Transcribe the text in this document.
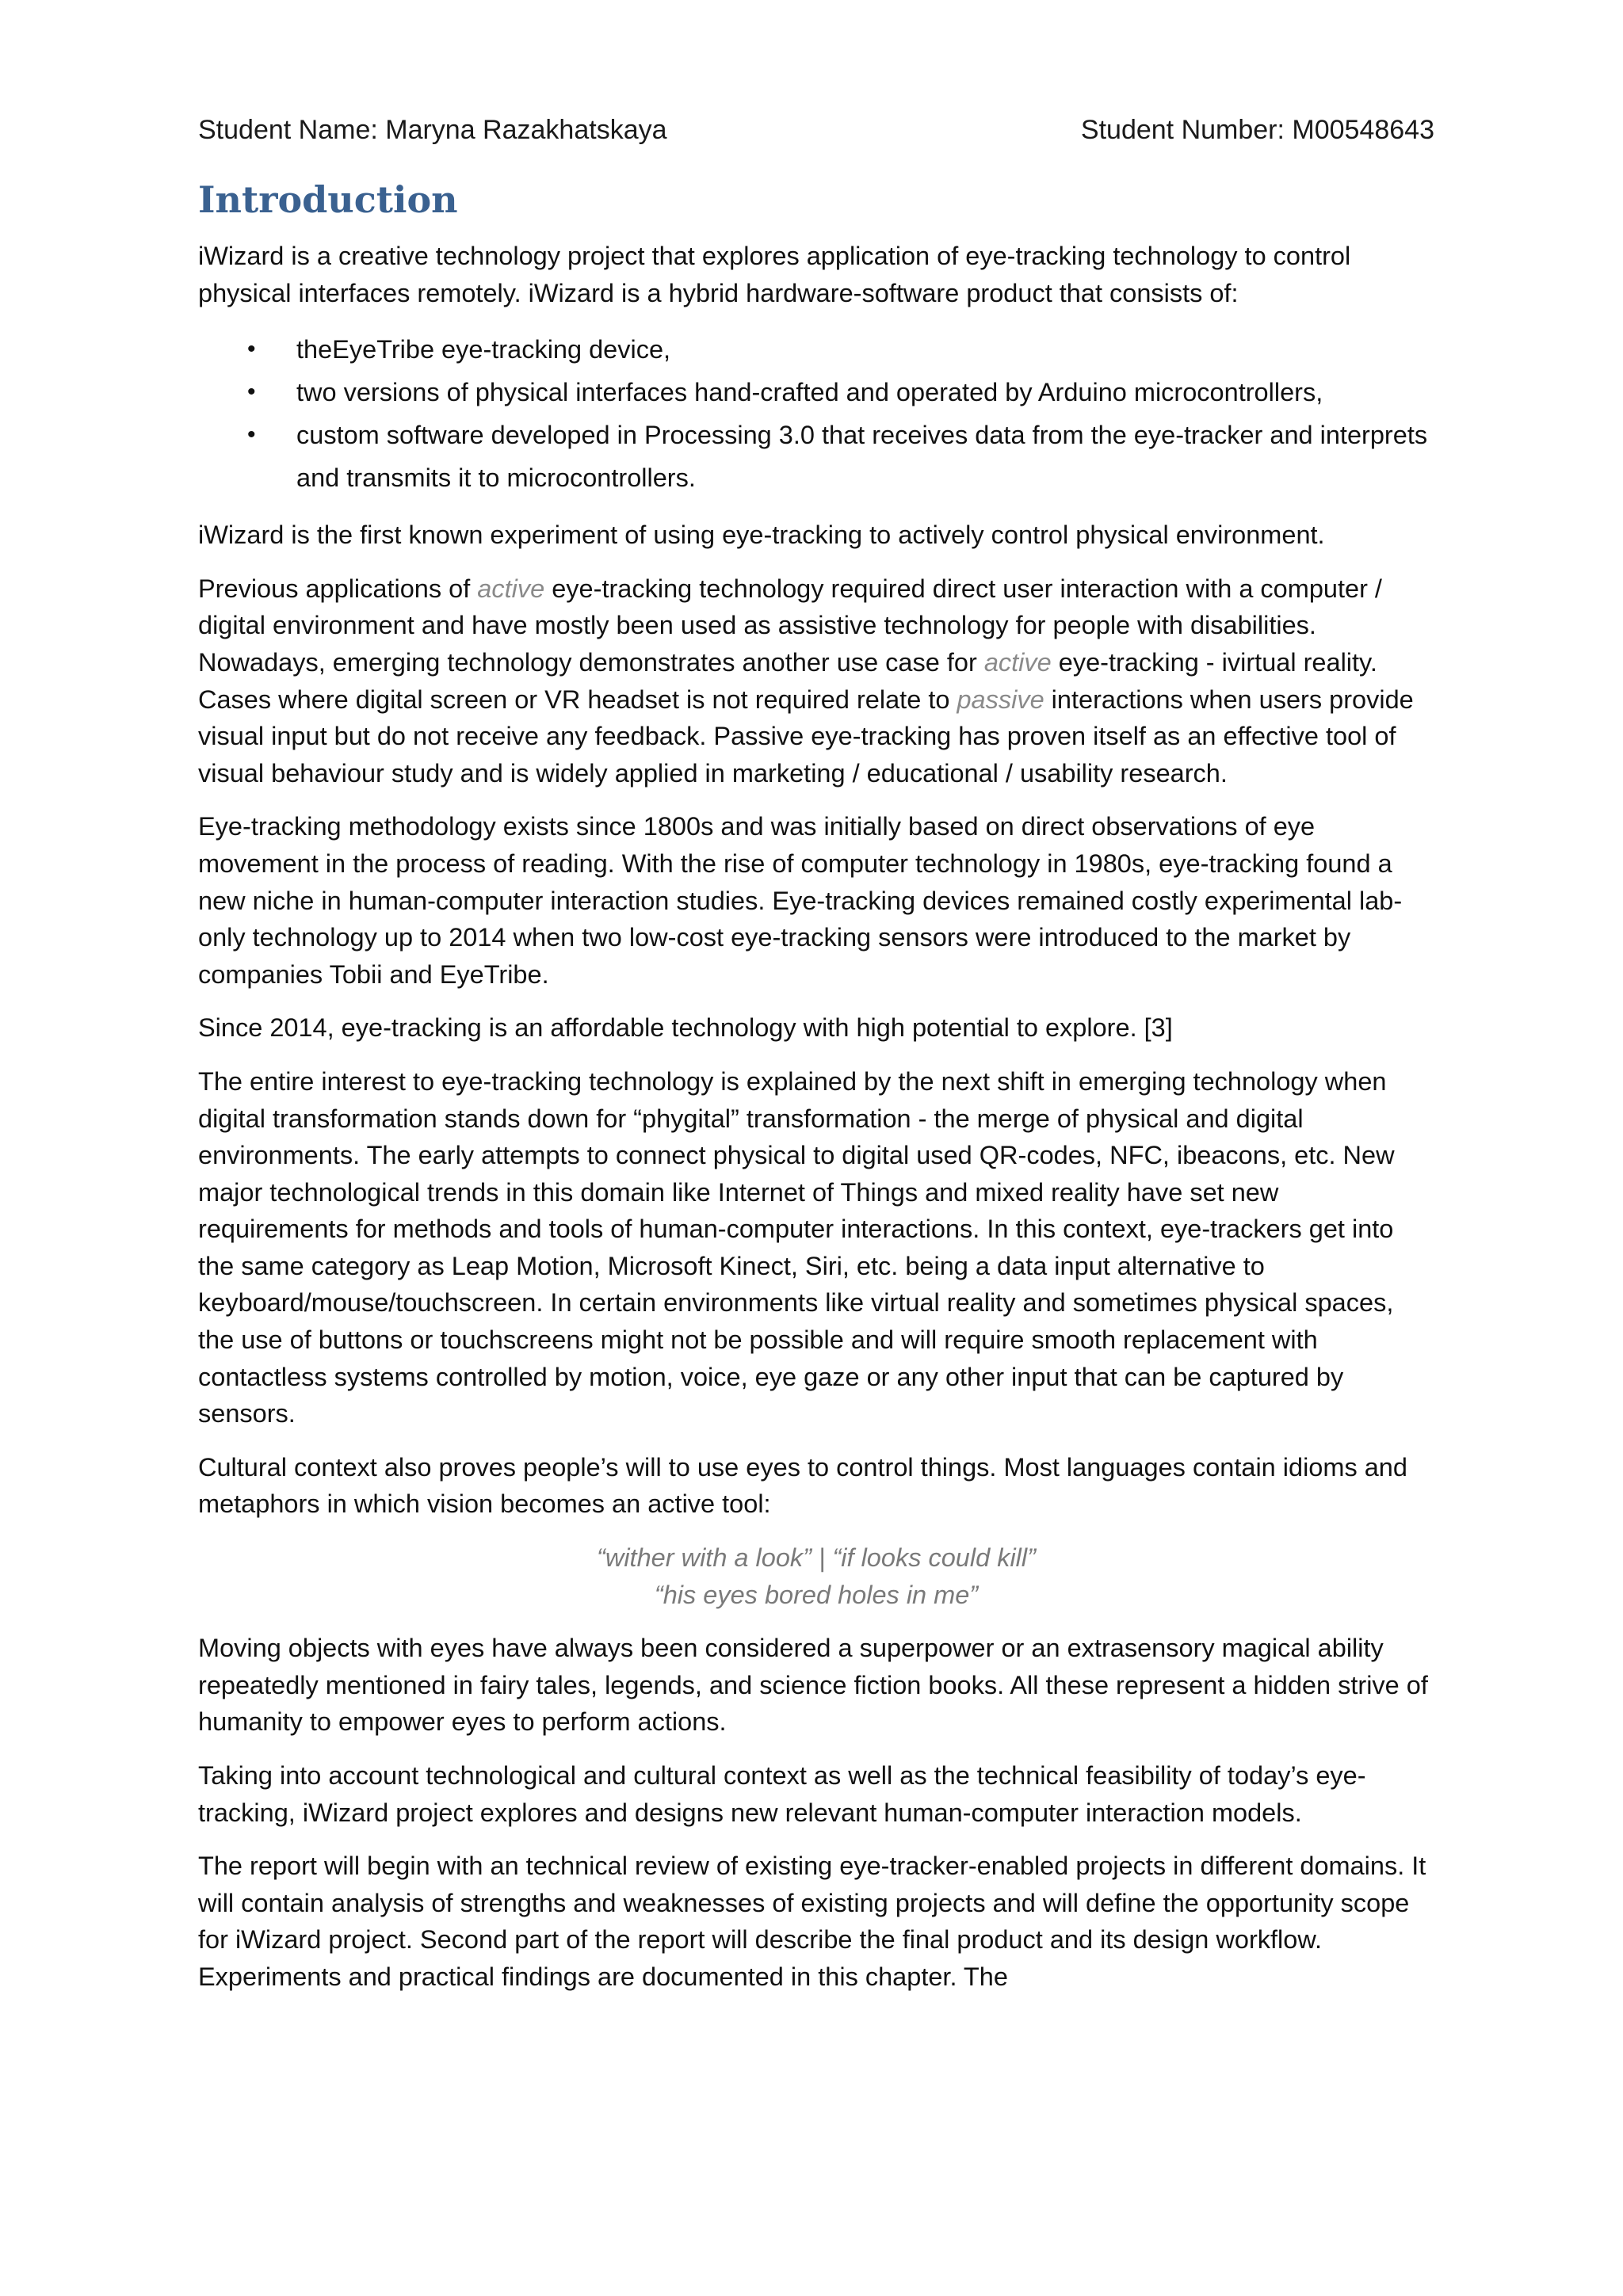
Student Name: Maryna Razakhatskaya	Student Number: M00548643
Introduction

iWizard is a creative technology project that explores application of eye-tracking technology to control physical interfaces remotely. iWizard is a hybrid hardware-software product that consists of:

• theEyeTribe eye-tracking device,
• two versions of physical interfaces hand-crafted and operated by Arduino microcontrollers,
• custom software developed in Processing 3.0 that receives data from the eye-tracker and interprets and transmits it to microcontrollers.

iWizard is the first known experiment of using eye-tracking to actively control physical environment.

Previous applications of active eye-tracking technology required direct user interaction with a computer / digital environment and have mostly been used as assistive technology for people with disabilities. Nowadays, emerging technology demonstrates another use case for active eye-tracking - ivirtual reality. Cases where digital screen or VR headset is not required relate to passive interactions when users provide visual input but do not receive any feedback. Passive eye-tracking has proven itself as an effective tool of visual behaviour study and is widely applied in marketing / educational / usability research.

Eye-tracking methodology exists since 1800s and was initially based on direct observations of eye movement in the process of reading. With the rise of computer technology in 1980s, eye-tracking found a new niche in human-computer interaction studies. Eye-tracking devices remained costly experimental lab-only technology up to 2014 when two low-cost eye-tracking sensors were introduced to the market by companies Tobii and EyeTribe.

Since 2014, eye-tracking is an affordable technology with high potential to explore. [3]

The entire interest to eye-tracking technology is explained by the next shift in emerging technology when digital transformation stands down for “phygital” transformation - the merge of physical and digital environments. The early attempts to connect physical to digital used QR-codes, NFC, ibeacons, etc. New major technological trends in this domain like Internet of Things and mixed reality have set new requirements for methods and tools of human-computer interactions. In this context, eye-trackers get into the same category as Leap Motion, Microsoft Kinect, Siri, etc. being a data input alternative to keyboard/mouse/touchscreen. In certain environments like virtual reality and sometimes physical spaces, the use of buttons or touchscreens might not be possible and will require smooth replacement with contactless systems controlled by motion, voice, eye gaze or any other input that can be captured by sensors.

Cultural context also proves people’s will to use eyes to control things. Most languages contain idioms and metaphors in which vision becomes an active tool:

“wither with a look” | “if looks could kill”
“his eyes bored holes in me”

Moving objects with eyes have always been considered a superpower or an extrasensory magical ability repeatedly mentioned in fairy tales, legends, and science fiction books. All these represent a hidden strive of humanity to empower eyes to perform actions.

Taking into account technological and cultural context as well as the technical feasibility of today’s eye-tracking, iWizard project explores and designs new relevant human-computer interaction models.

The report will begin with an technical review of existing eye-tracker-enabled projects in different domains. It will contain analysis of strengths and weaknesses of existing projects and will define the opportunity scope for iWizard project. Second part of the report will describe the final product and its design workflow. Experiments and practical findings are documented in this chapter. The
